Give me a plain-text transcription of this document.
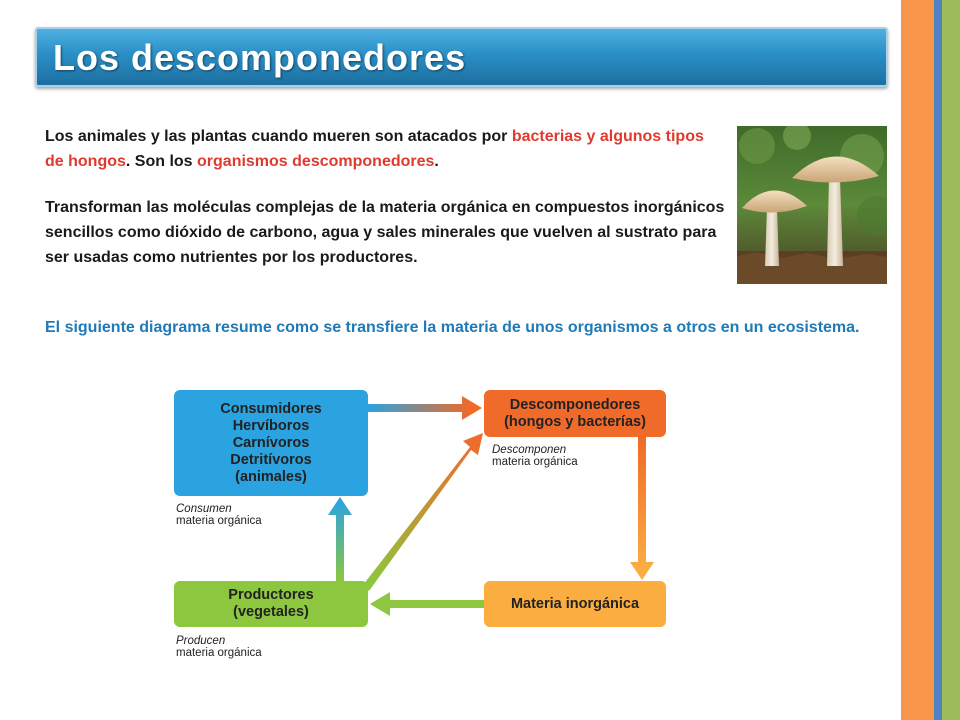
Los descomponedores
Los animales y las plantas cuando mueren son atacados por bacterias y algunos tipos de hongos. Son los organismos descomponedores.
Transforman las moléculas complejas de la materia orgánica en compuestos inorgánicos sencillos como dióxido de carbono, agua y sales minerales que vuelven al sustrato para ser usadas como nutrientes por los productores.
El siguiente diagrama resume como se transfiere la materia de unos organismos a otros en un ecosistema.
Consumidores
Hervíboros
Carnívoros
Detritívoros
(animales)
Consumen
materia orgánica
Descomponedores
(hongos y bacterías)
Descomponen
materia orgánica
Productores
(vegetales)
Producen
materia orgánica
Materia inorgánica
